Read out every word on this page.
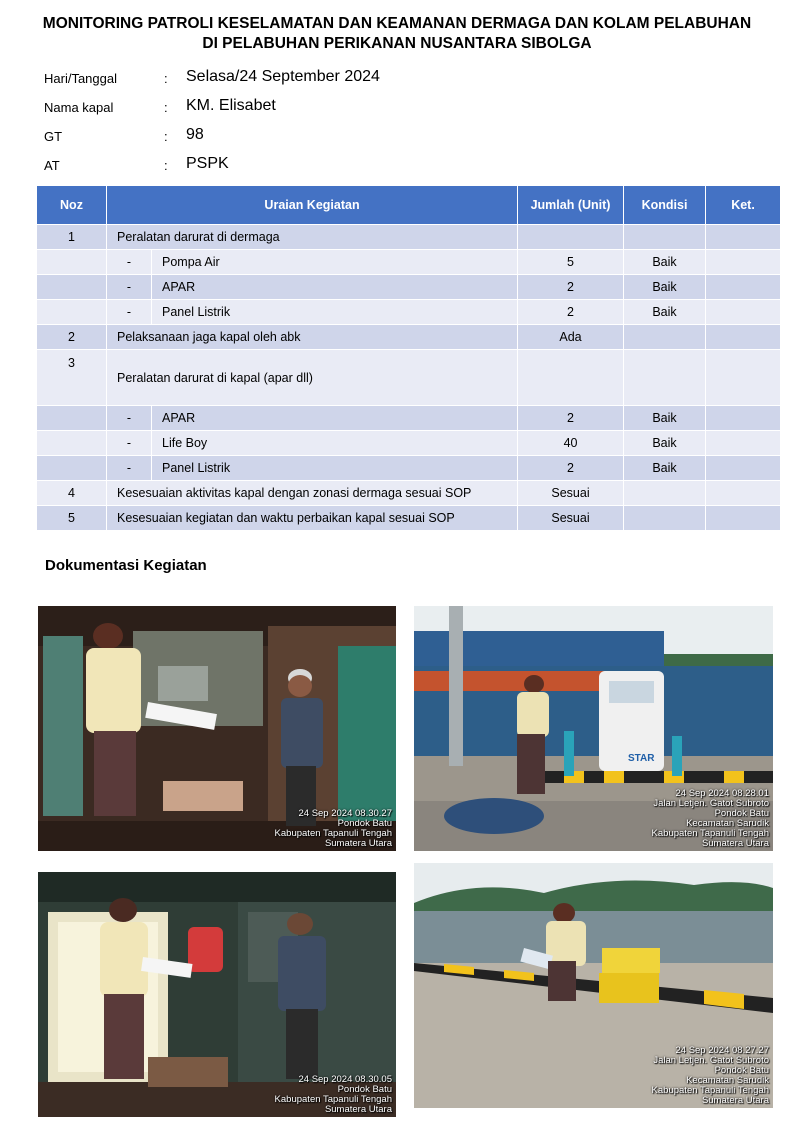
MONITORING PATROLI KESELAMATAN DAN KEAMANAN DERMAGA DAN KOLAM PELABUHAN
DI PELABUHAN PERIKANAN NUSANTARA SIBOLGA
Hari/Tanggal	: Selasa/24 September 2024
Nama kapal	: KM. Elisabet
GT	: 98
AT	: PSPK
Noz	Uraian Kegiatan		Jumlah (Unit)	Kondisi	Ket.
1	Peralatan darurat di dermaga				
	-	Pompa Air	5	Baik	
	-	APAR	2	Baik	
	-	Panel Listrik	2	Baik	
2	Pelaksanaan jaga kapal oleh abk		Ada		
3	Peralatan darurat di kapal (apar dll)				
	-	APAR	2	Baik	
	-	Life Boy	40	Baik	
	-	Panel Listrik	2	Baik	
4	Kesesuaian aktivitas kapal dengan zonasi dermaga sesuai SOP		Sesuai		
5	Kesesuaian kegiatan dan waktu perbaikan kapal sesuai SOP		Sesuai		
Dokumentasi Kegiatan
24 Sep 2024 08.30.27
Pondok Batu
Kabupaten Tapanuli Tengah
Sumatera Utara
STAR
24 Sep 2024 08.28.01
Jalan Letjen. Gatot Subroto
Pondok Batu
Kecamatan Sarudik
Kabupaten Tapanuli Tengah
Sumatera Utara
24 Sep 2024 08.30.05
Pondok Batu
Kabupaten Tapanuli Tengah
Sumatera Utara
24 Sep 2024 08.27.27
Jalan Letjen. Gatot Subroto
Pondok Batu
Kecamatan Sarudik
Kabupaten Tapanuli Tengah
Sumatera Utara
